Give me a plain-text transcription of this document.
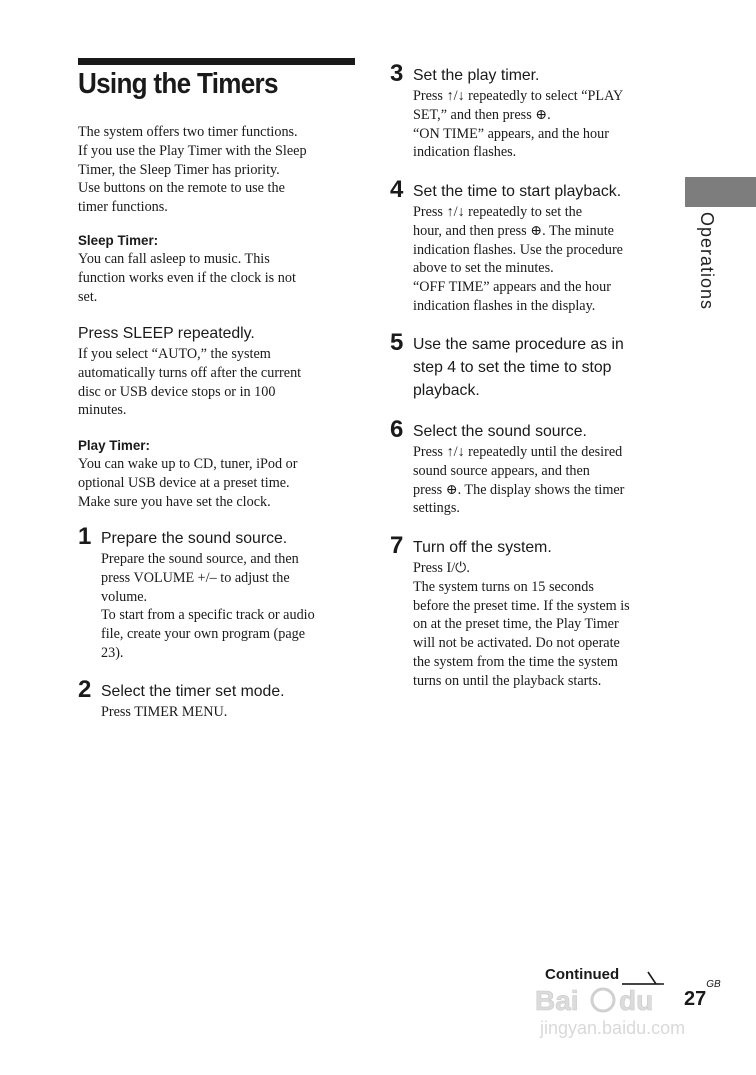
Using the Timers

The system offers two timer functions.

If you use the Play Timer with the Sleep

Timer, the Sleep Timer has priority.

Use buttons on the remote to use the

timer functions.

Sleep Timer:

You can fall asleep to music. This

function works even if the clock is not

set.

Press SLEEP repeatedly.

If you select “AUTO,” the system

automatically turns off after the current

disc or USB device stops or in 100

minutes.

Play Timer:

You can wake up to CD, tuner, iPod or

optional USB device at a preset time.

Make sure you have set the clock.

1 Prepare the sound source.

Prepare the sound source, and then

press VOLUME +/– to adjust the

volume.

To start from a specific track or audio

file, create your own program (page

23).

2 Select the timer set mode.

Press TIMER MENU.

3 Set the play timer.

Press ↑/↓ repeatedly to select “PLAY

SET,” and then press ⊕.

“ON TIME” appears, and the hour

indication flashes.

4 Set the time to start playback.

Press ↑/↓ repeatedly to set the

hour, and then press ⊕. The minute

indication flashes. Use the procedure

above to set the minutes.

“OFF TIME” appears and the hour

indication flashes in the display.

5 Use the same procedure as in

step 4 to set the time to stop

playback.

6 Select the sound source.

Press ↑/↓ repeatedly until the desired

sound source appears, and then

press ⊕. The display shows the timer

settings.

7 Turn off the system.

Press I/⏻.

The system turns on 15 seconds

before the preset time. If the system is

on at the preset time, the Play Timer

will not be activated. Do not operate

the system from the time the system

turns on until the playback starts.

Operations
Continued
Bai du
jingyan.baidu.com
$27^{GB}$
